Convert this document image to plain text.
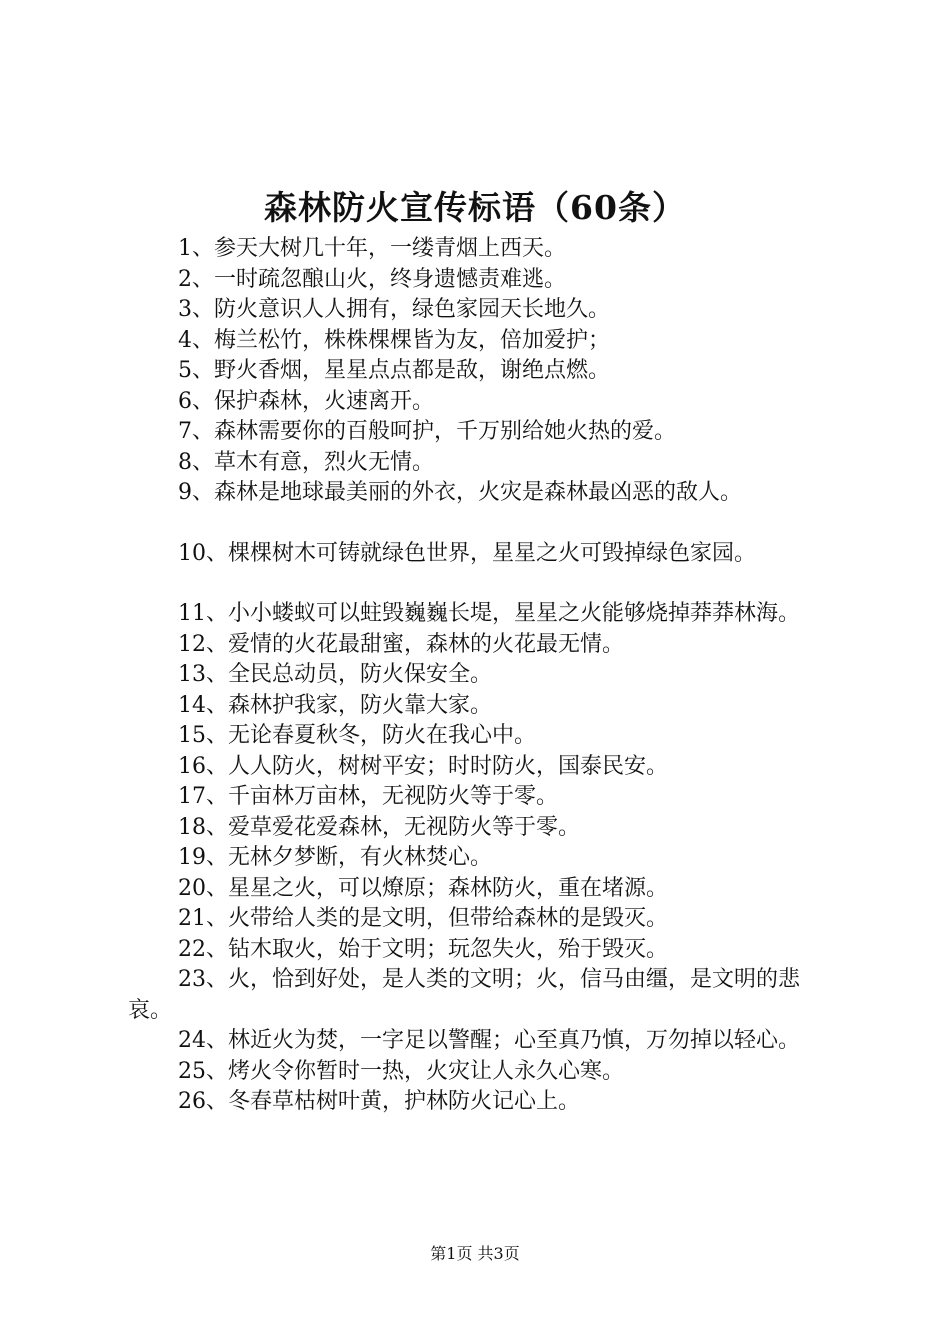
森林防火宣传标语（60条）

1、参天大树几十年，一缕青烟上西天。

2、一时疏忽酿山火，终身遗憾责难逃。

3、防火意识人人拥有，绿色家园天长地久。

4、梅兰松竹，株株棵棵皆为友，倍加爱护；

5、野火香烟，星星点点都是敌，谢绝点燃。

6、保护森林，火速离开。

7、森林需要你的百般呵护，千万别给她火热的爱。

8、草木有意，烈火无情。

9、森林是地球最美丽的外衣，火灾是森林最凶恶的敌人。

10、棵棵树木可铸就绿色世界，星星之火可毁掉绿色家园。

11、小小蝼蚁可以蛀毁巍巍长堤，星星之火能够烧掉莽莽林海。

12、爱情的火花最甜蜜，森林的火花最无情。

13、全民总动员，防火保安全。

14、森林护我家，防火靠大家。

15、无论春夏秋冬，防火在我心中。

16、人人防火，树树平安；时时防火，国泰民安。

17、千亩林万亩林，无视防火等于零。

18、爱草爱花爱森林，无视防火等于零。

19、无林夕梦断，有火林焚心。

20、星星之火，可以燎原；森林防火，重在堵源。

21、火带给人类的是文明，但带给森林的是毁灭。

22、钻木取火，始于文明；玩忽失火，殆于毁灭。

23、火，恰到好处，是人类的文明；火，信马由缰，是文明的悲哀。

24、林近火为焚，一字足以警醒；心至真乃慎，万勿掉以轻心。

25、烤火令你暂时一热，火灾让人永久心寒。

26、冬春草枯树叶黄，护林防火记心上。

第1页 共3页
